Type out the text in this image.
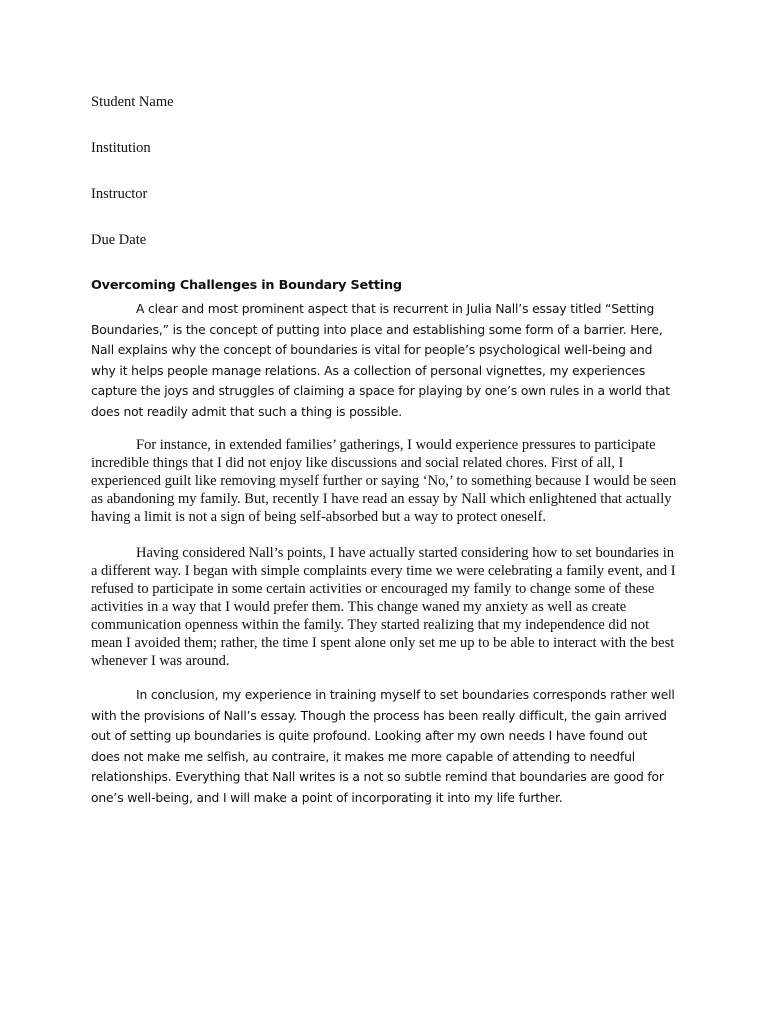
Student Name
Institution
Instructor
Due Date
Overcoming Challenges in Boundary Setting

A clear and most prominent aspect that is recurrent in Julia Nall’s essay titled “Setting Boundaries,” is the concept of putting into place and establishing some form of a barrier. Here, Nall explains why the concept of boundaries is vital for people’s psychological well-being and why it helps people manage relations. As a collection of personal vignettes, my experiences capture the joys and struggles of claiming a space for playing by one’s own rules in a world that does not readily admit that such a thing is possible.

For instance, in extended families’ gatherings, I would experience pressures to participate incredible things that I did not enjoy like discussions and social related chores. First of all, I experienced guilt like removing myself further or saying ‘No,’ to something because I would be seen as abandoning my family. But, recently I have read an essay by Nall which enlightened that actually having a limit is not a sign of being self-absorbed but a way to protect oneself.

Having considered Nall’s points, I have actually started considering how to set boundaries in a different way. I began with simple complaints every time we were celebrating a family event, and I refused to participate in some certain activities or encouraged my family to change some of these activities in a way that I would prefer them. This change waned my anxiety as well as create communication openness within the family. They started realizing that my independence did not mean I avoided them; rather, the time I spent alone only set me up to be able to interact with the best whenever I was around.

In conclusion, my experience in training myself to set boundaries corresponds rather well with the provisions of Nall’s essay. Though the process has been really difficult, the gain arrived out of setting up boundaries is quite profound. Looking after my own needs I have found out does not make me selfish, au contraire, it makes me more capable of attending to needful relationships. Everything that Nall writes is a not so subtle remind that boundaries are good for one’s well-being, and I will make a point of incorporating it into my life further.
